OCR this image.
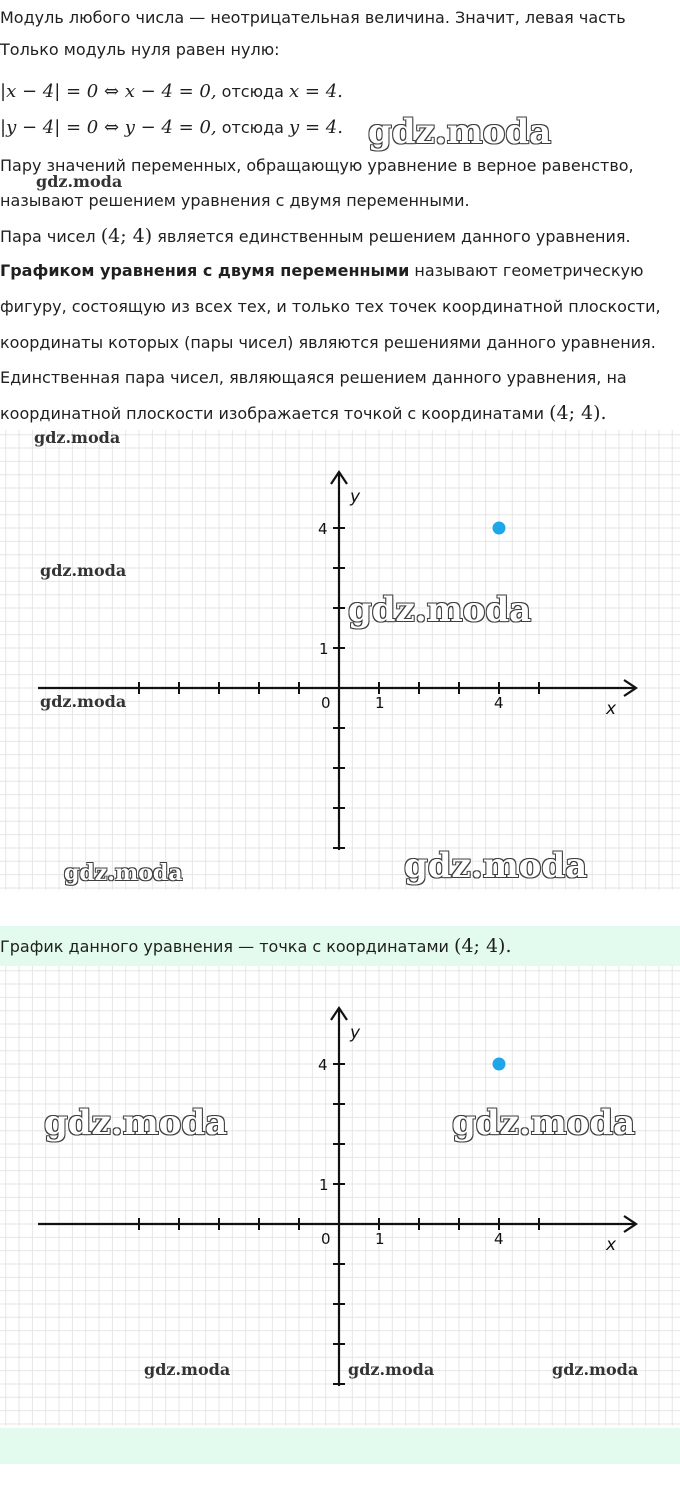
Модуль любого числа — неотрицательная величина. Значит, левая часть
Только модуль нуля равен нулю:
|x − 4| = 0 ⇔ x − 4 = 0, отсюда x = 4.
|y − 4| = 0 ⇔ y − 4 = 0, отсюда y = 4.
Пару значений переменных, обращающую уравнение в верное равенство,
называют решением уравнения с двумя переменными.
Пара чисел (4; 4) является единственным решением данного уравнения.
Графиком уравнения с двумя переменными называют геометрическую
фигуру, состоящую из всех тех, и только тех точек координатной плоскости,
координаты которых (пары чисел) являются решениями данного уравнения.
Единственная пара чисел, являющаяся решением данного уравнения, на
координатной плоскости изображается точкой с координатами (4; 4).
0	1	4
1
4
x
y
График данного уравнения — точка с координатами (4; 4).
0	1	4
1
4
x
y
gdz.moda
gdz.moda
gdz.moda
gdz.moda
gdz.moda
gdz.moda
gdz.moda	gdz.moda
gdz.moda	gdz.moda
gdz.moda	gdz.moda	gdz.moda
